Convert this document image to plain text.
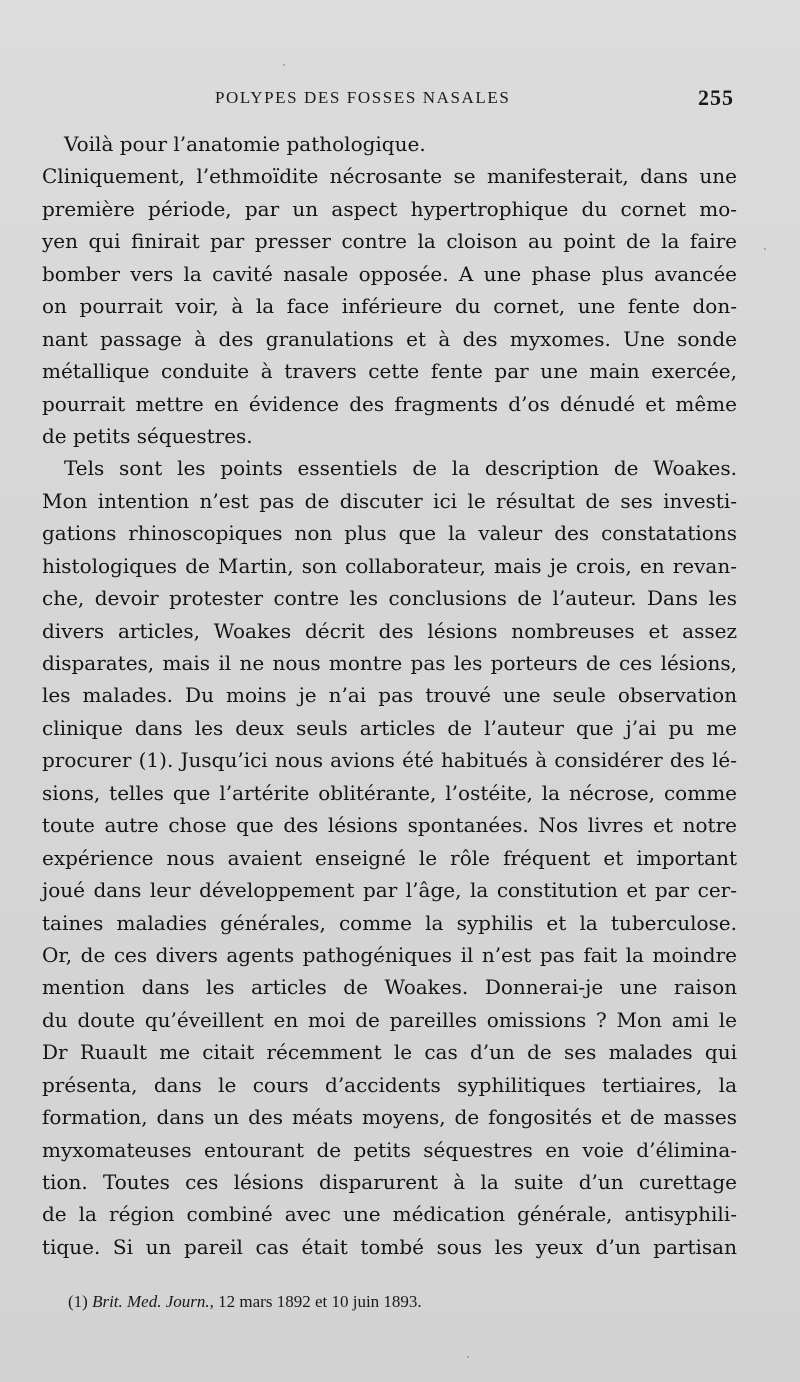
POLYPES DES FOSSES NASALES	255
Voilà pour l’anatomie pathologique.
Cliniquement, l’ethmoïdite nécrosante se manifesterait, dans une
première période, par un aspect hypertrophique du cornet mo-
yen qui finirait par presser contre la cloison au point de la faire
bomber vers la cavité nasale opposée. A une phase plus avancée
on pourrait voir, à la face inférieure du cornet, une fente don-
nant passage à des granulations et à des myxomes. Une sonde
métallique conduite à travers cette fente par une main exercée,
pourrait mettre en évidence des fragments d’os dénudé et même
de petits séquestres.
Tels sont les points essentiels de la description de Woakes.
Mon intention n’est pas de discuter ici le résultat de ses investi-
gations rhinoscopiques non plus que la valeur des constatations
histologiques de Martin, son collaborateur, mais je crois, en revan-
che, devoir protester contre les conclusions de l’auteur. Dans les
divers articles, Woakes décrit des lésions nombreuses et assez
disparates, mais il ne nous montre pas les porteurs de ces lésions,
les malades. Du moins je n’ai pas trouvé une seule observation
clinique dans les deux seuls articles de l’auteur que j’ai pu me
procurer (1). Jusqu’ici nous avions été habitués à considérer des lé-
sions, telles que l’artérite oblitérante, l’ostéite, la nécrose, comme
toute autre chose que des lésions spontanées. Nos livres et notre
expérience nous avaient enseigné le rôle fréquent et important
joué dans leur développement par l’âge, la constitution et par cer-
taines maladies générales, comme la syphilis et la tuberculose.
Or, de ces divers agents pathogéniques il n’est pas fait la moindre
mention dans les articles de Woakes. Donnerai-je une raison
du doute qu’éveillent en moi de pareilles omissions ? Mon ami le
Dr Ruault me citait récemment le cas d’un de ses malades qui
présenta, dans le cours d’accidents syphilitiques tertiaires, la
formation, dans un des méats moyens, de fongosités et de masses
myxomateuses entourant de petits séquestres en voie d’élimina-
tion. Toutes ces lésions disparurent à la suite d’un curettage
de la région combiné avec une médication générale, antisyphili-
tique. Si un pareil cas était tombé sous les yeux d’un partisan
(1) Brit. Med. Journ., 12 mars 1892 et 10 juin 1893.
